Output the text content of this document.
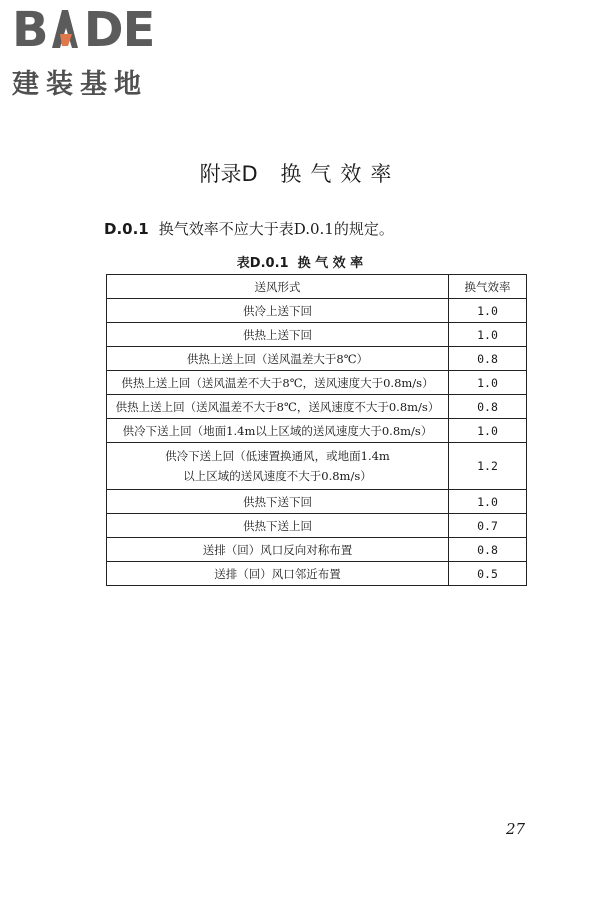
B DE
建装基地
附录D 换气效率
D.0.1 换气效率不应大于表D.0.1的规定。
表D.0.1  换 气 效 率
送风形式	换气效率
供冷上送下回	1.0
供热上送下回	1.0
供热上送上回（送风温差大于8℃）	0.8
供热上送上回（送风温差不大于8℃，送风速度大于0.8m/s）	1.0
供热上送上回（送风温差不大于8℃，送风速度不大于0.8m/s）	0.8
供冷下送上回（地面1.4m以上区域的送风速度大于0.8m/s）	1.0

供冷下送上回（低速置换通风，或地面1.4m
以上区域的送风速度不大于0.8m/s）	1.2
供热下送下回	1.0
供热下送上回	0.7
送排（回）风口反向对称布置	0.8
送排（回）风口邻近布置	0.5
27
